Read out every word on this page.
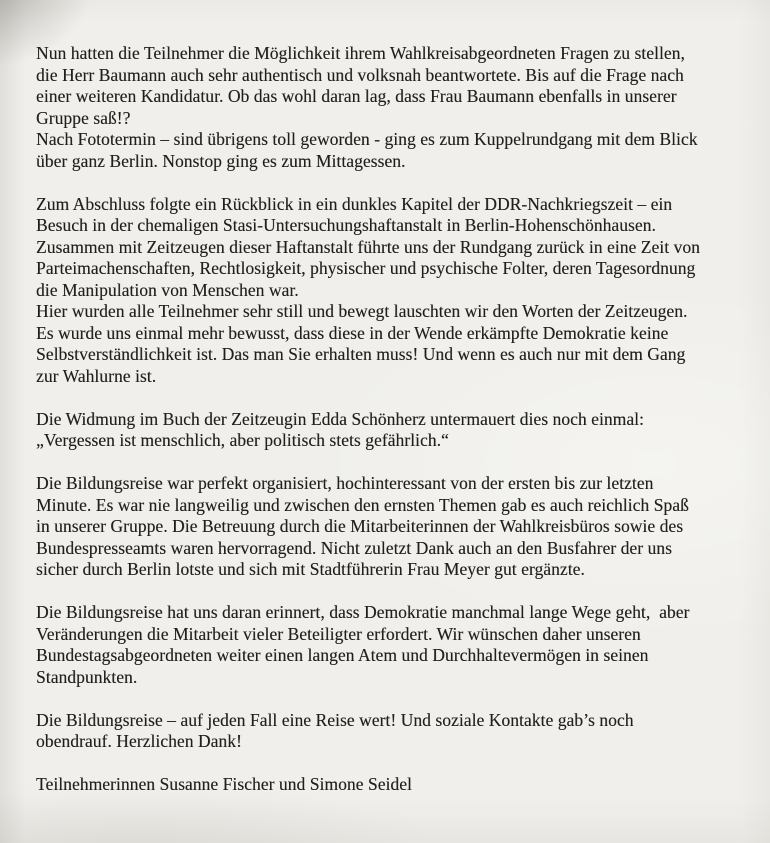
Nun hatten die Teilnehmer die Möglichkeit ihrem Wahlkreisabgeordneten Fragen zu stellen,
die Herr Baumann auch sehr authentisch und volksnah beantwortete. Bis auf die Frage nach
einer weiteren Kandidatur. Ob das wohl daran lag, dass Frau Baumann ebenfalls in unserer
Gruppe saß!?
Nach Fototermin – sind übrigens toll geworden - ging es zum Kuppelrundgang mit dem Blick
über ganz Berlin. Nonstop ging es zum Mittagessen.
Zum Abschluss folgte ein Rückblick in ein dunkles Kapitel der DDR-Nachkriegszeit – ein
Besuch in der chemaligen Stasi-Untersuchungshaftanstalt in Berlin-Hohenschönhausen.
Zusammen mit Zeitzeugen dieser Haftanstalt führte uns der Rundgang zurück in eine Zeit von
Parteimachenschaften, Rechtlosigkeit, physischer und psychische Folter, deren Tagesordnung
die Manipulation von Menschen war.
Hier wurden alle Teilnehmer sehr still und bewegt lauschten wir den Worten der Zeitzeugen.
Es wurde uns einmal mehr bewusst, dass diese in der Wende erkämpfte Demokratie keine
Selbstverständlichkeit ist. Das man Sie erhalten muss! Und wenn es auch nur mit dem Gang
zur Wahlurne ist.
Die Widmung im Buch der Zeitzeugin Edda Schönherz untermauert dies noch einmal:
„Vergessen ist menschlich, aber politisch stets gefährlich.“
Die Bildungsreise war perfekt organisiert, hochinteressant von der ersten bis zur letzten
Minute. Es war nie langweilig und zwischen den ernsten Themen gab es auch reichlich Spaß
in unserer Gruppe. Die Betreuung durch die Mitarbeiterinnen der Wahlkreisbüros sowie des
Bundespresseamts waren hervorragend. Nicht zuletzt Dank auch an den Busfahrer der uns
sicher durch Berlin lotste und sich mit Stadtführerin Frau Meyer gut ergänzte.
Die Bildungsreise hat uns daran erinnert, dass Demokratie manchmal lange Wege geht,  aber
Veränderungen die Mitarbeit vieler Beteiligter erfordert. Wir wünschen daher unseren
Bundestagsabgeordneten weiter einen langen Atem und Durchhaltevermögen in seinen
Standpunkten.
Die Bildungsreise – auf jeden Fall eine Reise wert! Und soziale Kontakte gab’s noch
obendrauf. Herzlichen Dank!
Teilnehmerinnen Susanne Fischer und Simone Seidel
